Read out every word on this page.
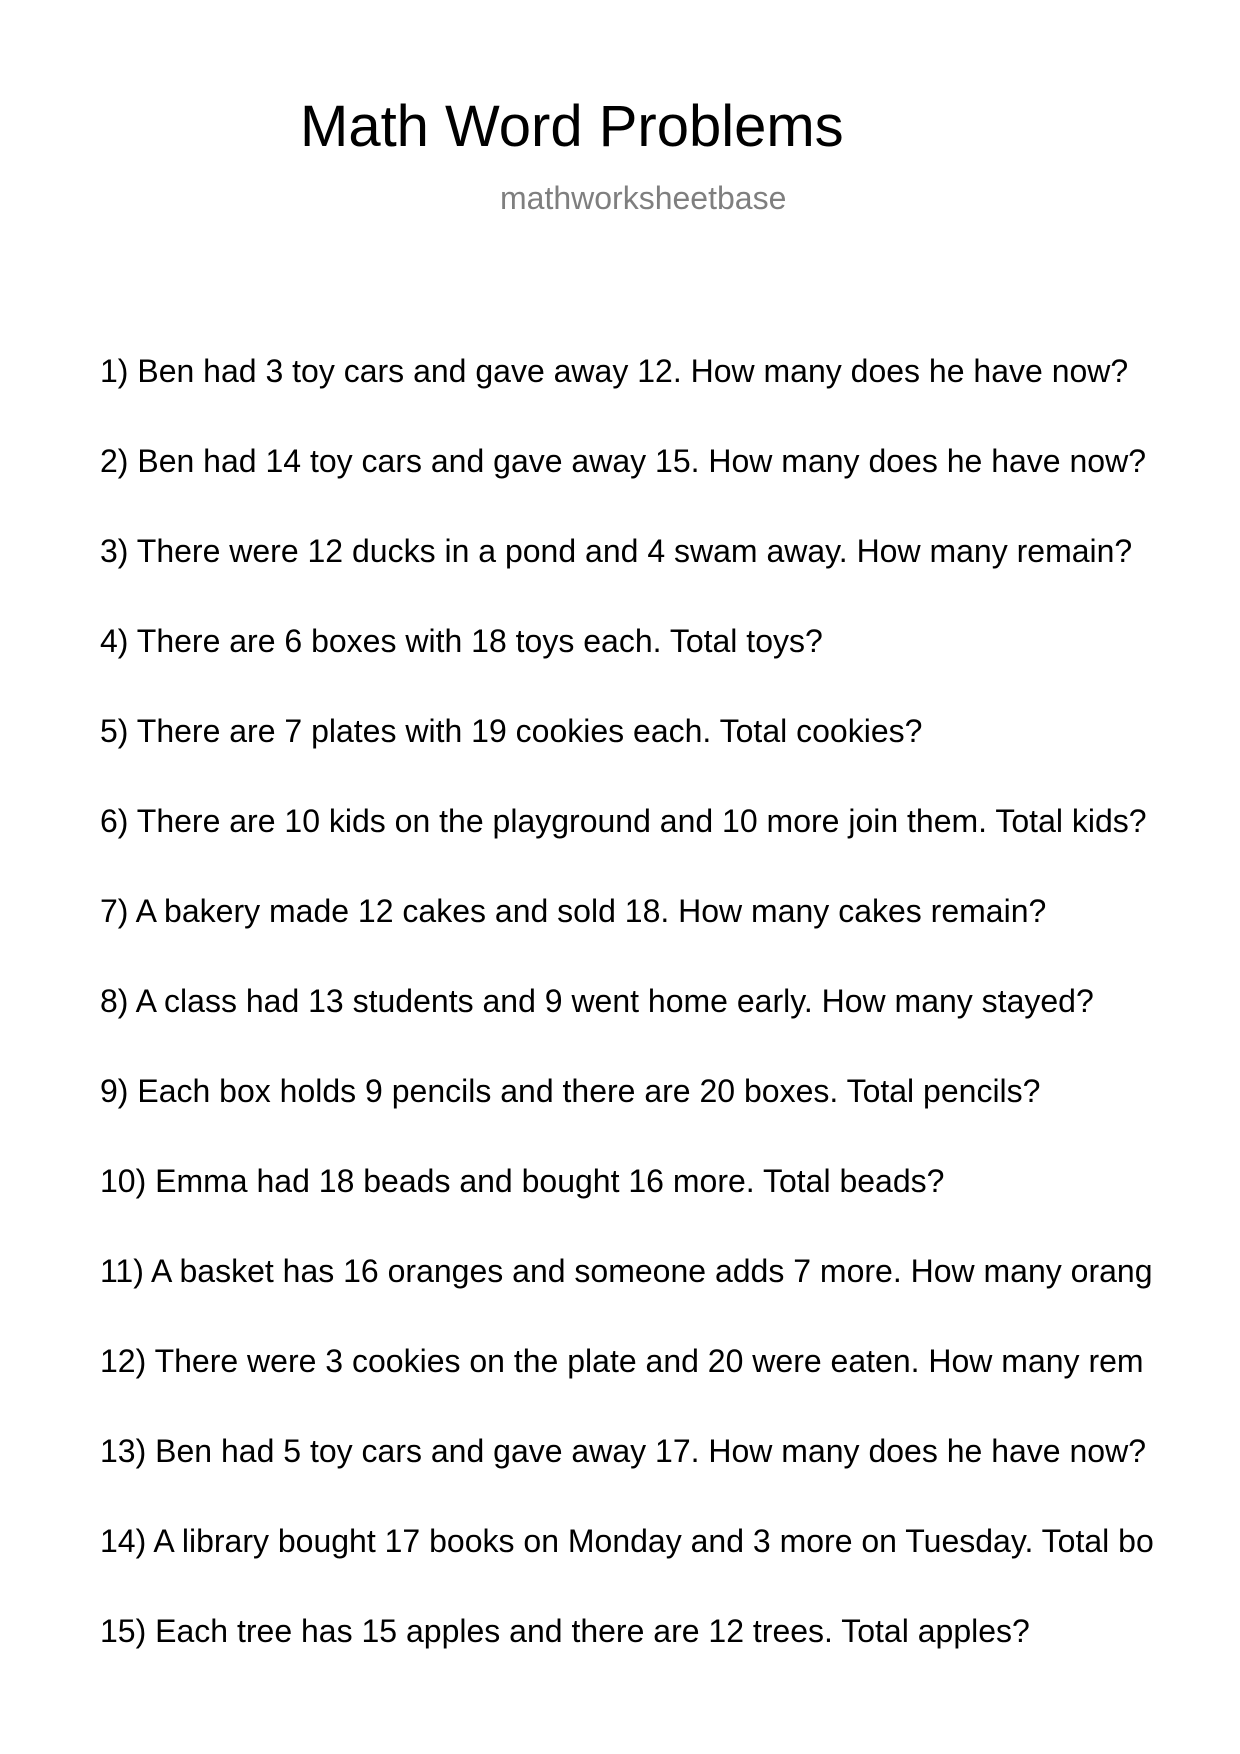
Math Word Problems
mathworksheetbase
1) Ben had 3 toy cars and gave away 12. How many does he have now?
2) Ben had 14 toy cars and gave away 15. How many does he have now?
3) There were 12 ducks in a pond and 4 swam away. How many remain?
4) There are 6 boxes with 18 toys each. Total toys?
5) There are 7 plates with 19 cookies each. Total cookies?
6) There are 10 kids on the playground and 10 more join them. Total kids?
7) A bakery made 12 cakes and sold 18. How many cakes remain?
8) A class had 13 students and 9 went home early. How many stayed?
9) Each box holds 9 pencils and there are 20 boxes. Total pencils?
10) Emma had 18 beads and bought 16 more. Total beads?
11) A basket has 16 oranges and someone adds 7 more. How many orang
12) There were 3 cookies on the plate and 20 were eaten. How many rem
13) Ben had 5 toy cars and gave away 17. How many does he have now?
14) A library bought 17 books on Monday and 3 more on Tuesday. Total bo
15) Each tree has 15 apples and there are 12 trees. Total apples?
